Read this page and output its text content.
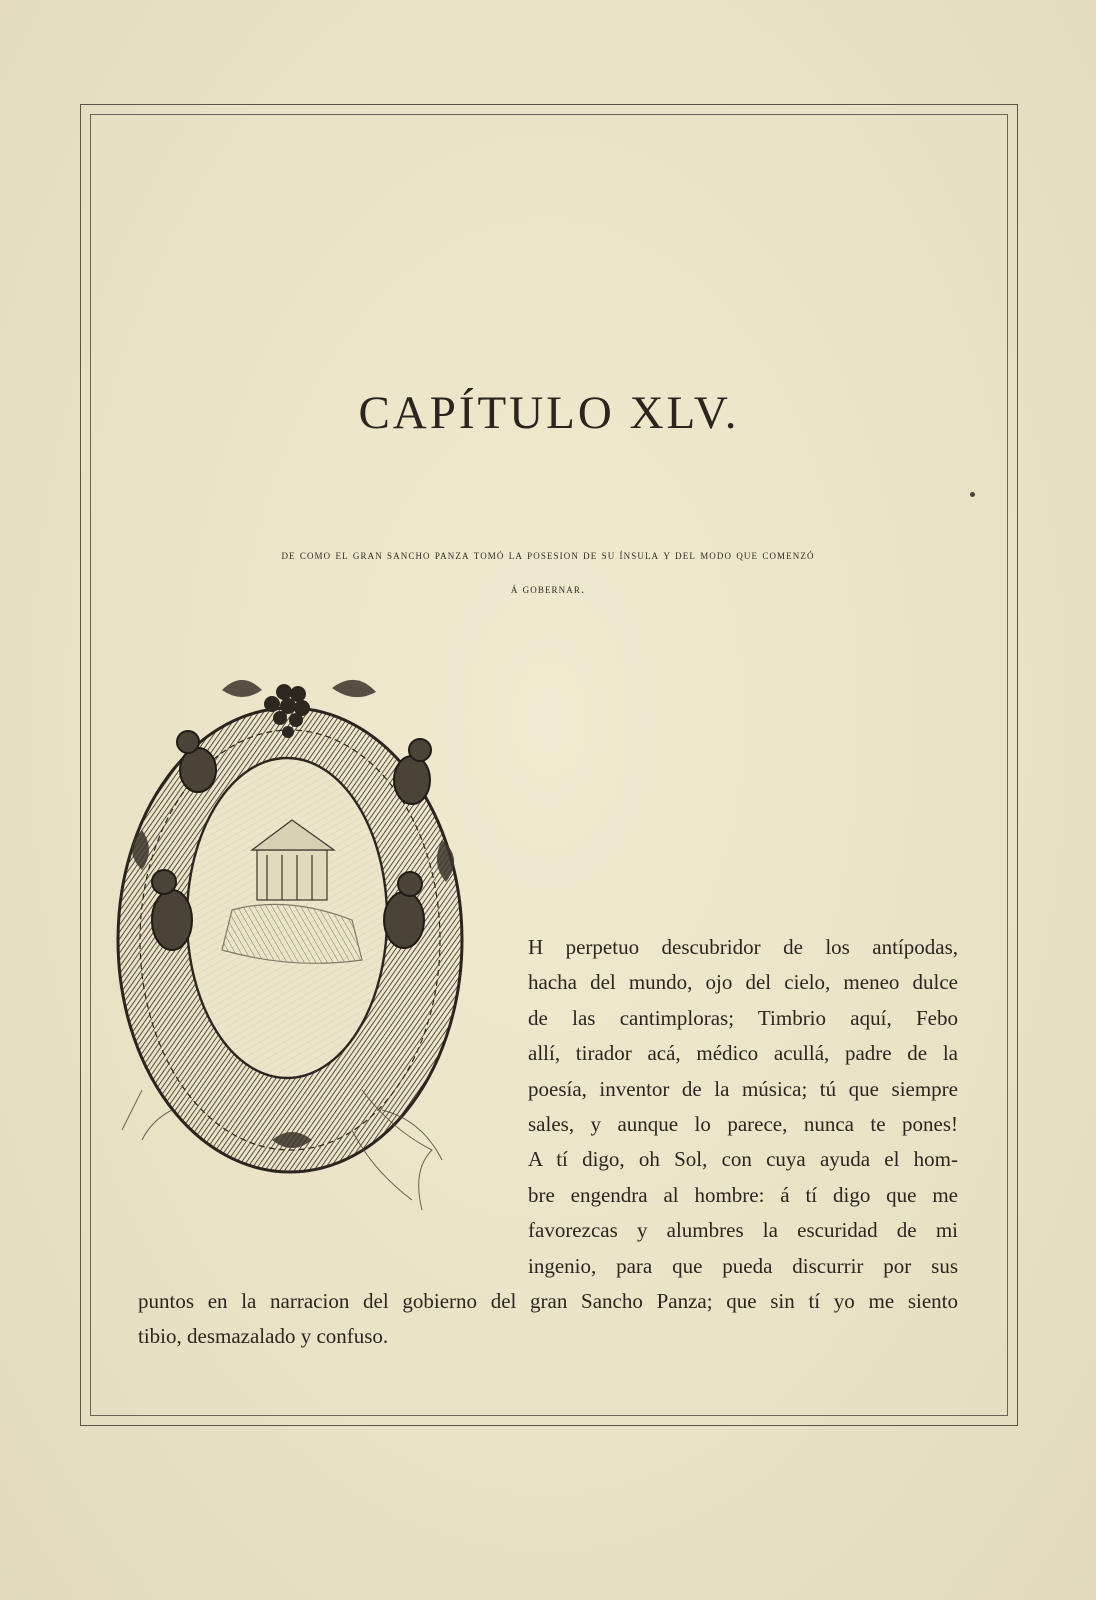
CAPÍTULO XLV.
de como el gran sancho panza tomó la posesion de su ínsula y del modo que comenzó
á gobernar.
H perpetuo descubridor de los antípodas,
hacha del mundo, ojo del cielo, meneo dulce
de las cantimploras; Timbrio aquí, Febo
allí, tirador acá, médico acullá, padre de la
poesía, inventor de la música; tú que siempre
sales, y aunque lo parece, nunca te pones!
A tí digo, oh Sol, con cuya ayuda el hom-
bre engendra al hombre: á tí digo que me
favorezcas y alumbres la escuridad de mi
ingenio, para que pueda discurrir por sus
puntos en la narracion del gobierno del gran Sancho Panza; que sin tí yo me siento
tibio, desmazalado y confuso.
